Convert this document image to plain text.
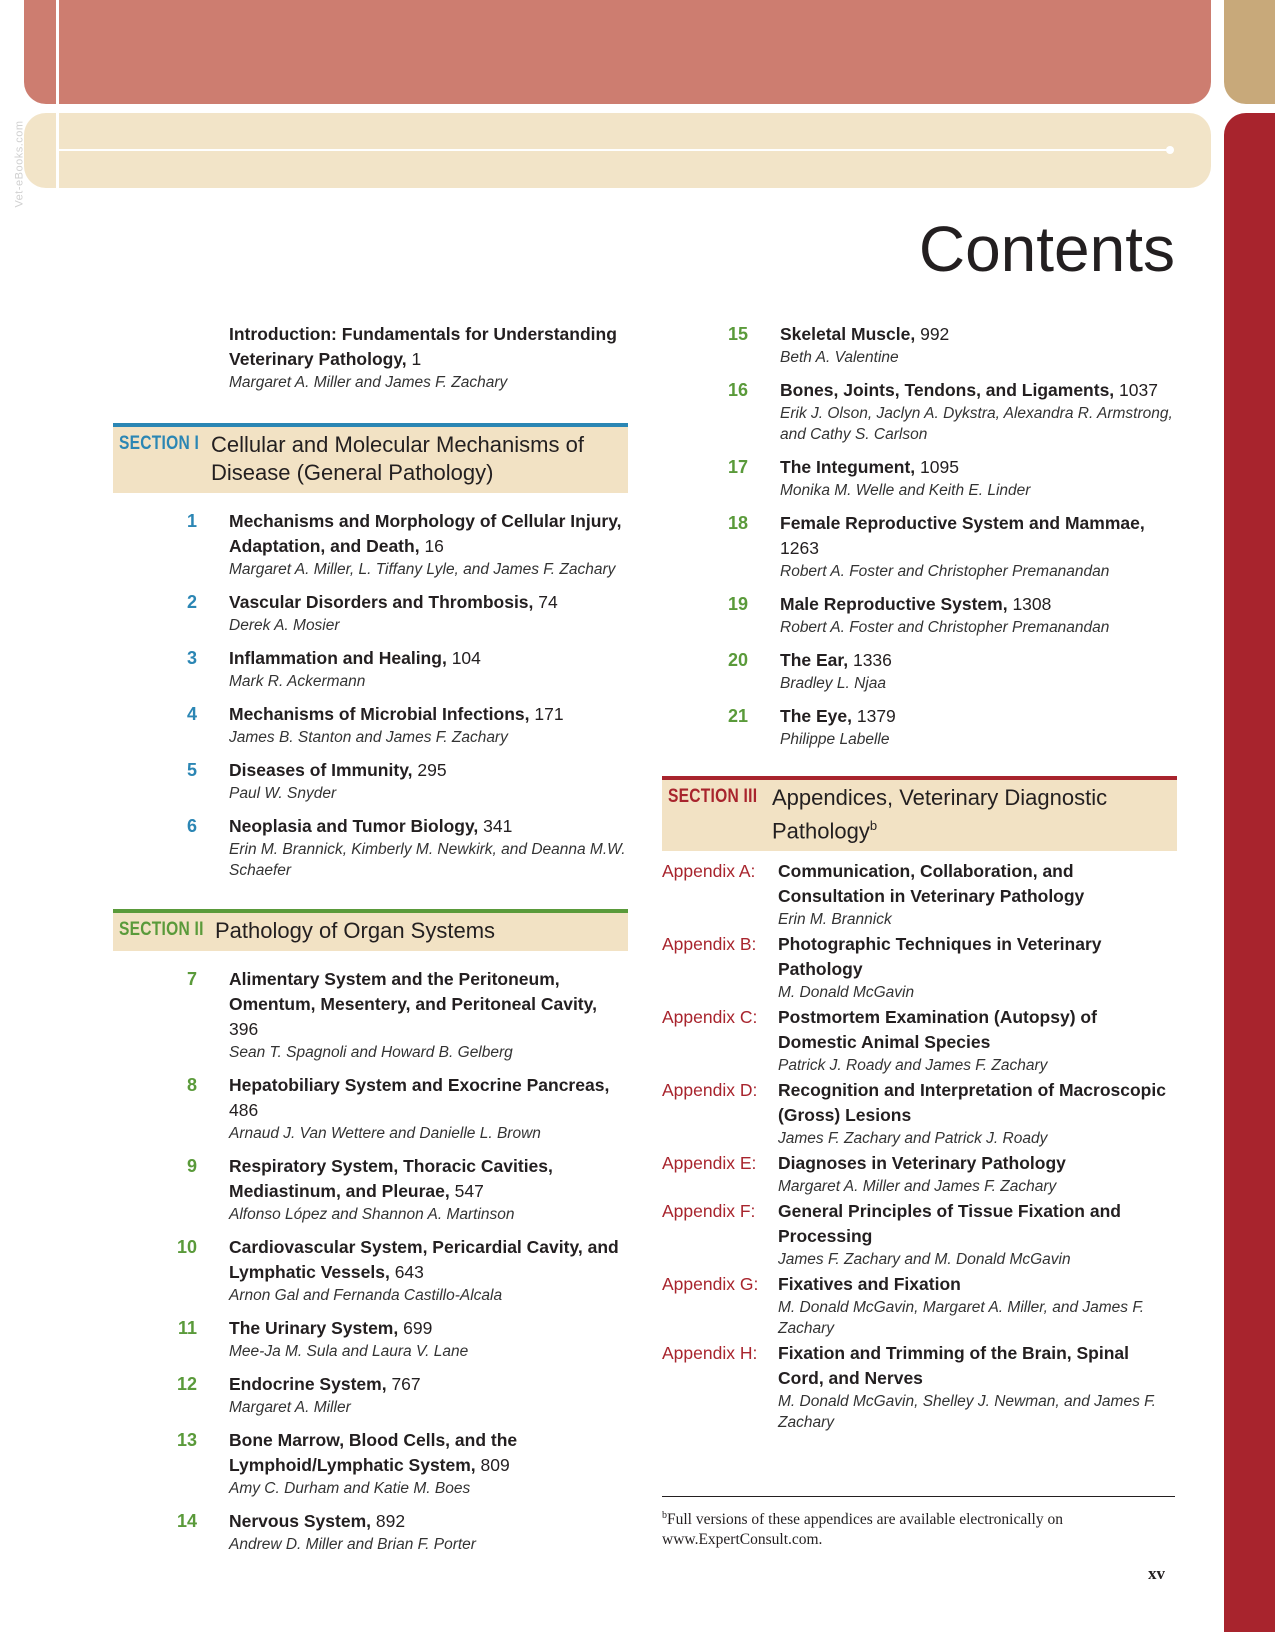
Vet-eBooks.com
Contents
Introduction: Fundamentals for Understanding Veterinary Pathology, 1
Margaret A. Miller and James F. Zachary
SECTION I Cellular and Molecular Mechanisms of Disease (General Pathology)
1 Mechanisms and Morphology of Cellular Injury, Adaptation, and Death, 16
Margaret A. Miller, L. Tiffany Lyle, and James F. Zachary
2 Vascular Disorders and Thrombosis, 74
Derek A. Mosier
3 Inflammation and Healing, 104
Mark R. Ackermann
4 Mechanisms of Microbial Infections, 171
James B. Stanton and James F. Zachary
5 Diseases of Immunity, 295
Paul W. Snyder
6 Neoplasia and Tumor Biology, 341
Erin M. Brannick, Kimberly M. Newkirk, and Deanna M.W. Schaefer
SECTION II Pathology of Organ Systems
7 Alimentary System and the Peritoneum, Omentum, Mesentery, and Peritoneal Cavity, 396
Sean T. Spagnoli and Howard B. Gelberg
8 Hepatobiliary System and Exocrine Pancreas, 486
Arnaud J. Van Wettere and Danielle L. Brown
9 Respiratory System, Thoracic Cavities, Mediastinum, and Pleurae, 547
Alfonso López and Shannon A. Martinson
10 Cardiovascular System, Pericardial Cavity, and Lymphatic Vessels, 643
Arnon Gal and Fernanda Castillo-Alcala
11 The Urinary System, 699
Mee-Ja M. Sula and Laura V. Lane
12 Endocrine System, 767
Margaret A. Miller
13 Bone Marrow, Blood Cells, and the Lymphoid/Lymphatic System, 809
Amy C. Durham and Katie M. Boes
14 Nervous System, 892
Andrew D. Miller and Brian F. Porter
15 Skeletal Muscle, 992
Beth A. Valentine
16 Bones, Joints, Tendons, and Ligaments, 1037
Erik J. Olson, Jaclyn A. Dykstra, Alexandra R. Armstrong, and Cathy S. Carlson
17 The Integument, 1095
Monika M. Welle and Keith E. Linder
18 Female Reproductive System and Mammae, 1263
Robert A. Foster and Christopher Premanandan
19 Male Reproductive System, 1308
Robert A. Foster and Christopher Premanandan
20 The Ear, 1336
Bradley L. Njaa
21 The Eye, 1379
Philippe Labelle
SECTION III Appendices, Veterinary Diagnostic Pathology$^b$
Appendix A: Communication, Collaboration, and Consultation in Veterinary Pathology
Erin M. Brannick
Appendix B: Photographic Techniques in Veterinary Pathology
M. Donald McGavin
Appendix C: Postmortem Examination (Autopsy) of Domestic Animal Species
Patrick J. Roady and James F. Zachary
Appendix D: Recognition and Interpretation of Macroscopic (Gross) Lesions
James F. Zachary and Patrick J. Roady
Appendix E: Diagnoses in Veterinary Pathology
Margaret A. Miller and James F. Zachary
Appendix F: General Principles of Tissue Fixation and Processing
James F. Zachary and M. Donald McGavin
Appendix G: Fixatives and Fixation
M. Donald McGavin, Margaret A. Miller, and James F. Zachary
Appendix H: Fixation and Trimming of the Brain, Spinal Cord, and Nerves
M. Donald McGavin, Shelley J. Newman, and James F. Zachary
$^b$Full versions of these appendices are available electronically on www.ExpertConsult.com.
xv
